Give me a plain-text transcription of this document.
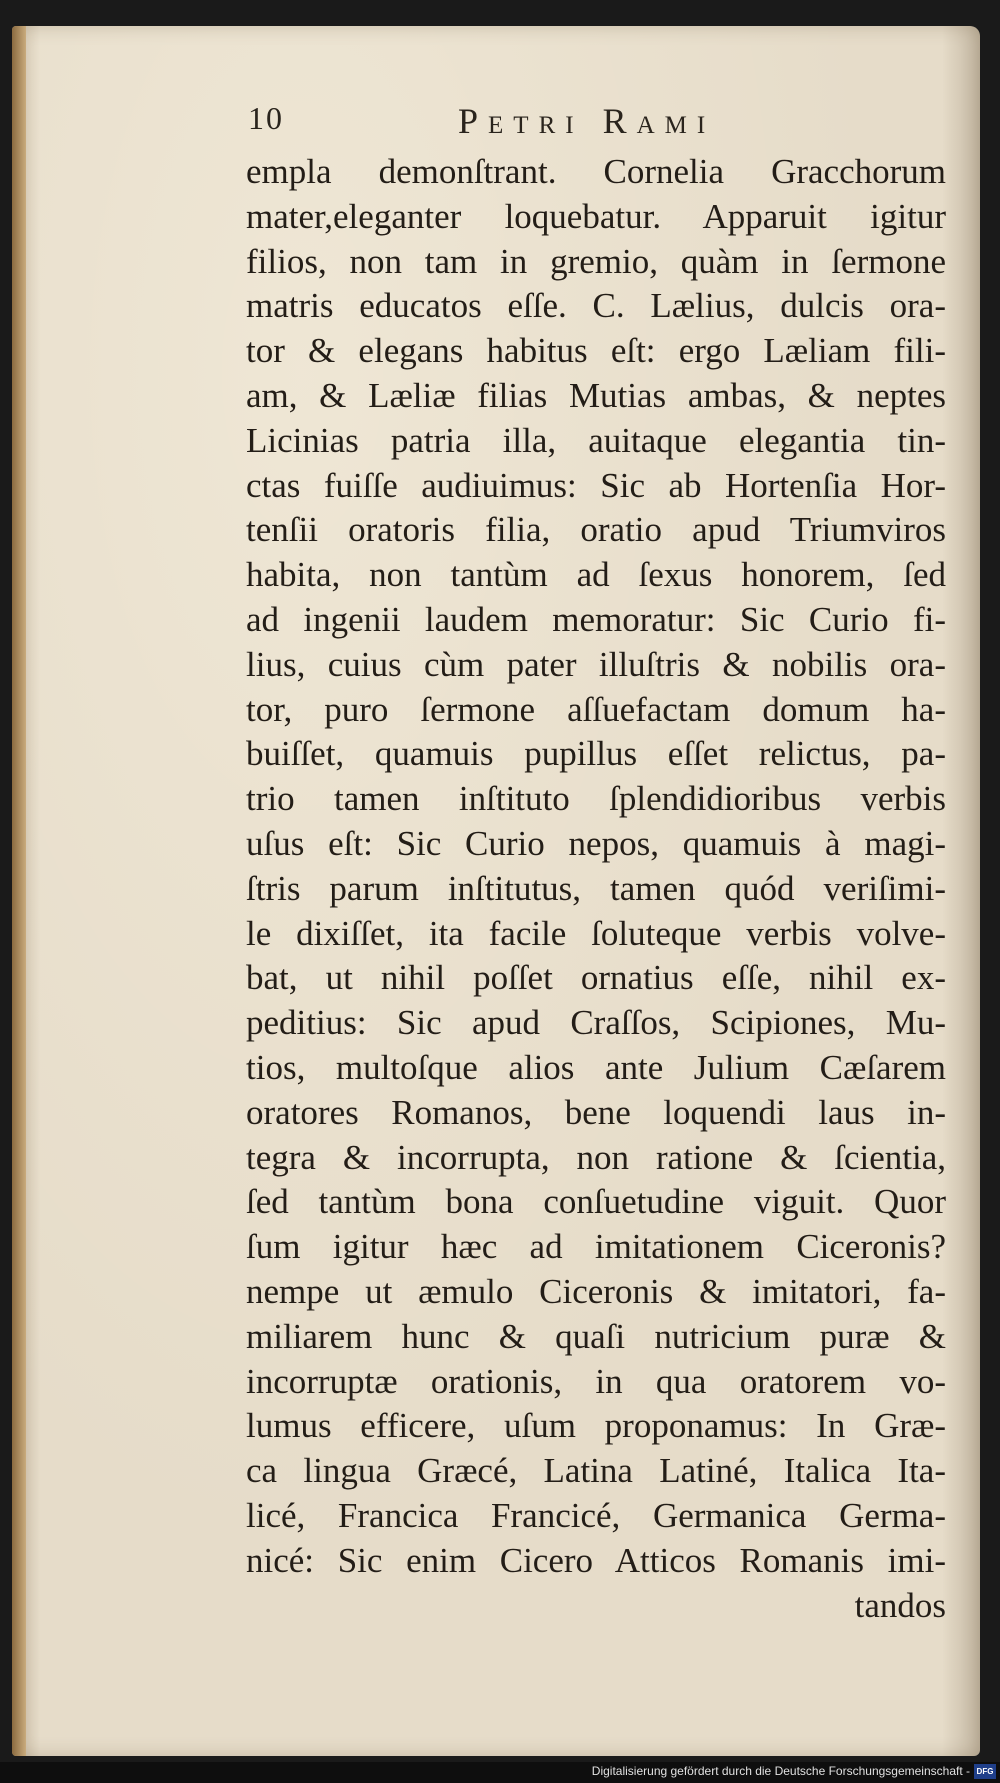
10	Petri Rami
empla demonſtrant. Cornelia Gracchorum
mater,eleganter loquebatur. Apparuit igitur
filios, non tam in gremio, quàm in ſermone
matris educatos eſſe. C. Lælius, dulcis ora-
tor & elegans habitus eſt: ergo Læliam fili-
am, & Læliæ filias Mutias ambas, & neptes
Licinias patria illa, auitaque elegantia tin-
ctas fuiſſe audiuimus: Sic ab Hortenſia Hor-
tenſii oratoris filia, oratio apud Triumviros
habita, non tantùm ad ſexus honorem, ſed
ad ingenii laudem memoratur: Sic Curio fi-
lius, cuius cùm pater illuſtris & nobilis ora-
tor, puro ſermone aſſuefactam domum ha-
buiſſet, quamuis pupillus eſſet relictus, pa-
trio tamen inſtituto ſplendidioribus verbis
uſus eſt: Sic Curio nepos, quamuis à magi-
ſtris parum inſtitutus, tamen quód veriſimi-
le dixiſſet, ita facile ſoluteque verbis volve-
bat, ut nihil poſſet ornatius eſſe, nihil ex-
peditius: Sic apud Craſſos, Scipiones, Mu-
tios, multoſque alios ante Julium Cæſarem
oratores Romanos, bene loquendi laus in-
tegra & incorrupta, non ratione & ſcientia,
ſed tantùm bona conſuetudine viguit. Quor
ſum igitur hæc ad imitationem Ciceronis?
nempe ut æmulo Ciceronis & imitatori, fa-
miliarem hunc & quaſi nutricium puræ &
incorruptæ orationis, in qua oratorem vo-
lumus efficere, uſum proponamus: In Græ-
ca lingua Græcé, Latina Latiné, Italica Ita-
licé, Francica Francicé, Germanica Germa-
nicé: Sic enim Cicero Atticos Romanis imi-
tandos
Digitalisierung gefördert durch die Deutsche Forschungsgemeinschaft - DFG
